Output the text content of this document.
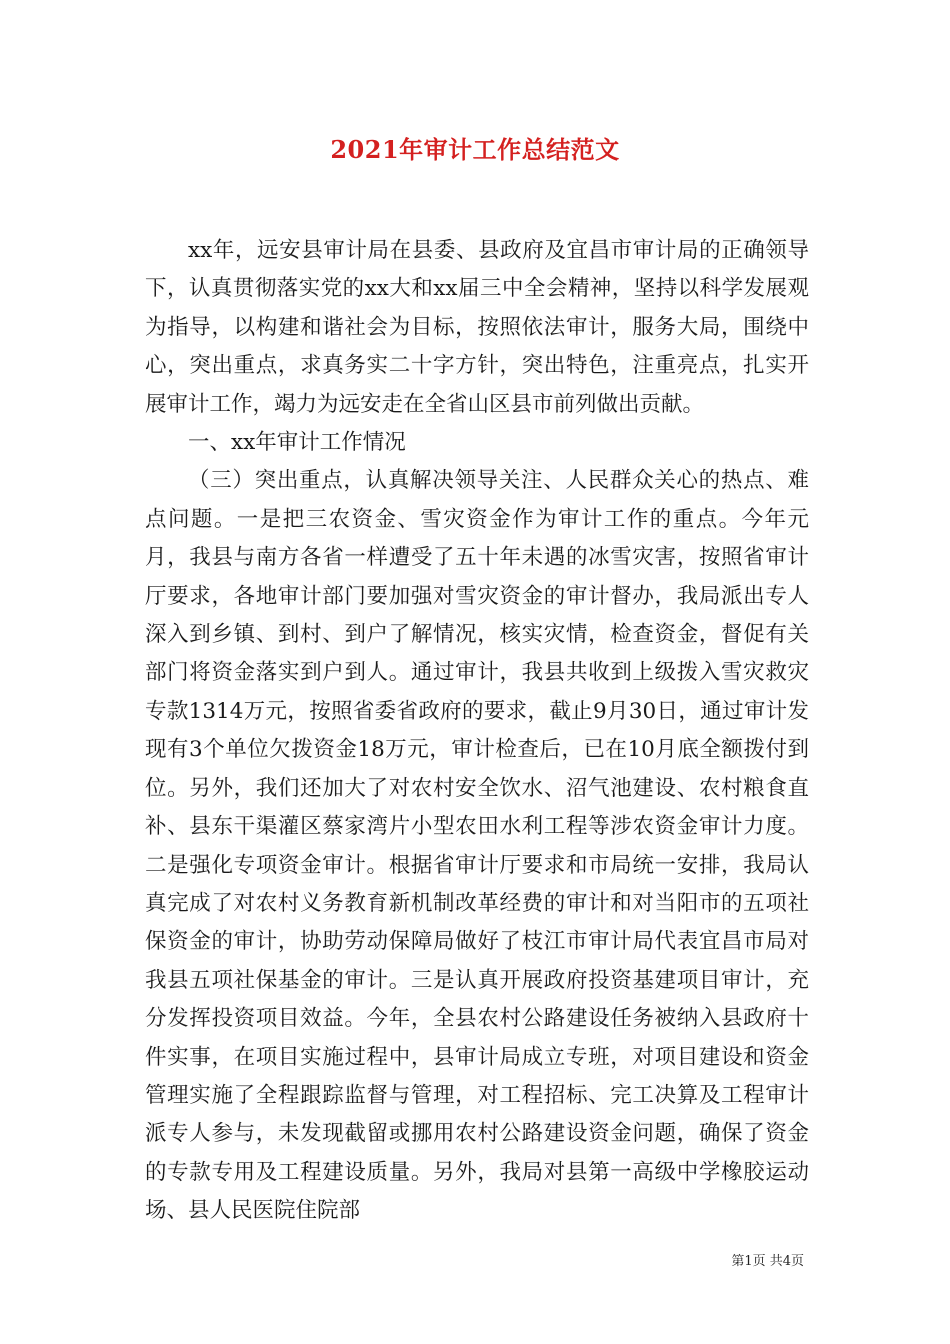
2021年审计工作总结范文

xx年，远安县审计局在县委、县政府及宜昌市审计局的正确领导下，认真贯彻落实党的xx大和xx届三中全会精神，坚持以科学发展观为指导，以构建和谐社会为目标，按照依法审计，服务大局，围绕中心，突出重点，求真务实二十字方针，突出特色，注重亮点，扎实开展审计工作，竭力为远安走在全省山区县市前列做出贡献。

一、xx年审计工作情况

（三）突出重点，认真解决领导关注、人民群众关心的热点、难点问题。一是把三农资金、雪灾资金作为审计工作的重点。今年元月，我县与南方各省一样遭受了五十年未遇的冰雪灾害，按照省审计厅要求，各地审计部门要加强对雪灾资金的审计督办，我局派出专人深入到乡镇、到村、到户了解情况，核实灾情，检查资金，督促有关部门将资金落实到户到人。通过审计，我县共收到上级拨入雪灾救灾专款1314万元，按照省委省政府的要求，截止9月30日，通过审计发现有3个单位欠拨资金18万元，审计检查后，已在10月底全额拨付到位。另外，我们还加大了对农村安全饮水、沼气池建设、农村粮食直补、县东干渠灌区蔡家湾片小型农田水利工程等涉农资金审计力度。二是强化专项资金审计。根据省审计厅要求和市局统一安排，我局认真完成了对农村义务教育新机制改革经费的审计和对当阳市的五项社保资金的审计，协助劳动保障局做好了枝江市审计局代表宜昌市局对我县五项社保基金的审计。三是认真开展政府投资基建项目审计，充分发挥投资项目效益。今年，全县农村公路建设任务被纳入县政府十件实事，在项目实施过程中，县审计局成立专班，对项目建设和资金管理实施了全程跟踪监督与管理，对工程招标、完工决算及工程审计派专人参与，未发现截留或挪用农村公路建设资金问题，确保了资金的专款专用及工程建设质量。另外，我局对县第一高级中学橡胶运动场、县人民医院住院部

第1页 共4页
